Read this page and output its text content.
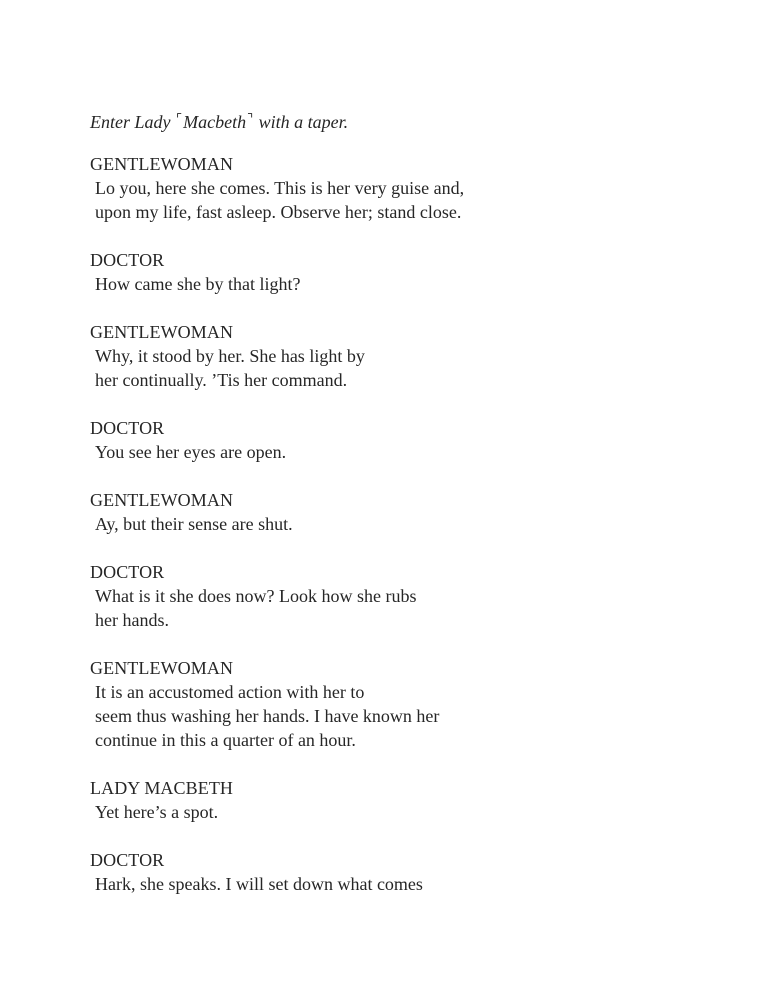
Enter Lady ⌜Macbeth⌝ with a taper.
GENTLEWOMAN
Lo you, here she comes. This is her very guise and,
upon my life, fast asleep. Observe her; stand close.
DOCTOR
How came she by that light?
GENTLEWOMAN
Why, it stood by her. She has light by
her continually. ’Tis her command.
DOCTOR
You see her eyes are open.
GENTLEWOMAN
Ay, but their sense are shut.
DOCTOR
What is it she does now? Look how she rubs
her hands.
GENTLEWOMAN
It is an accustomed action with her to
seem thus washing her hands. I have known her
continue in this a quarter of an hour.
LADY MACBETH
Yet here’s a spot.
DOCTOR
Hark, she speaks. I will set down what comes
